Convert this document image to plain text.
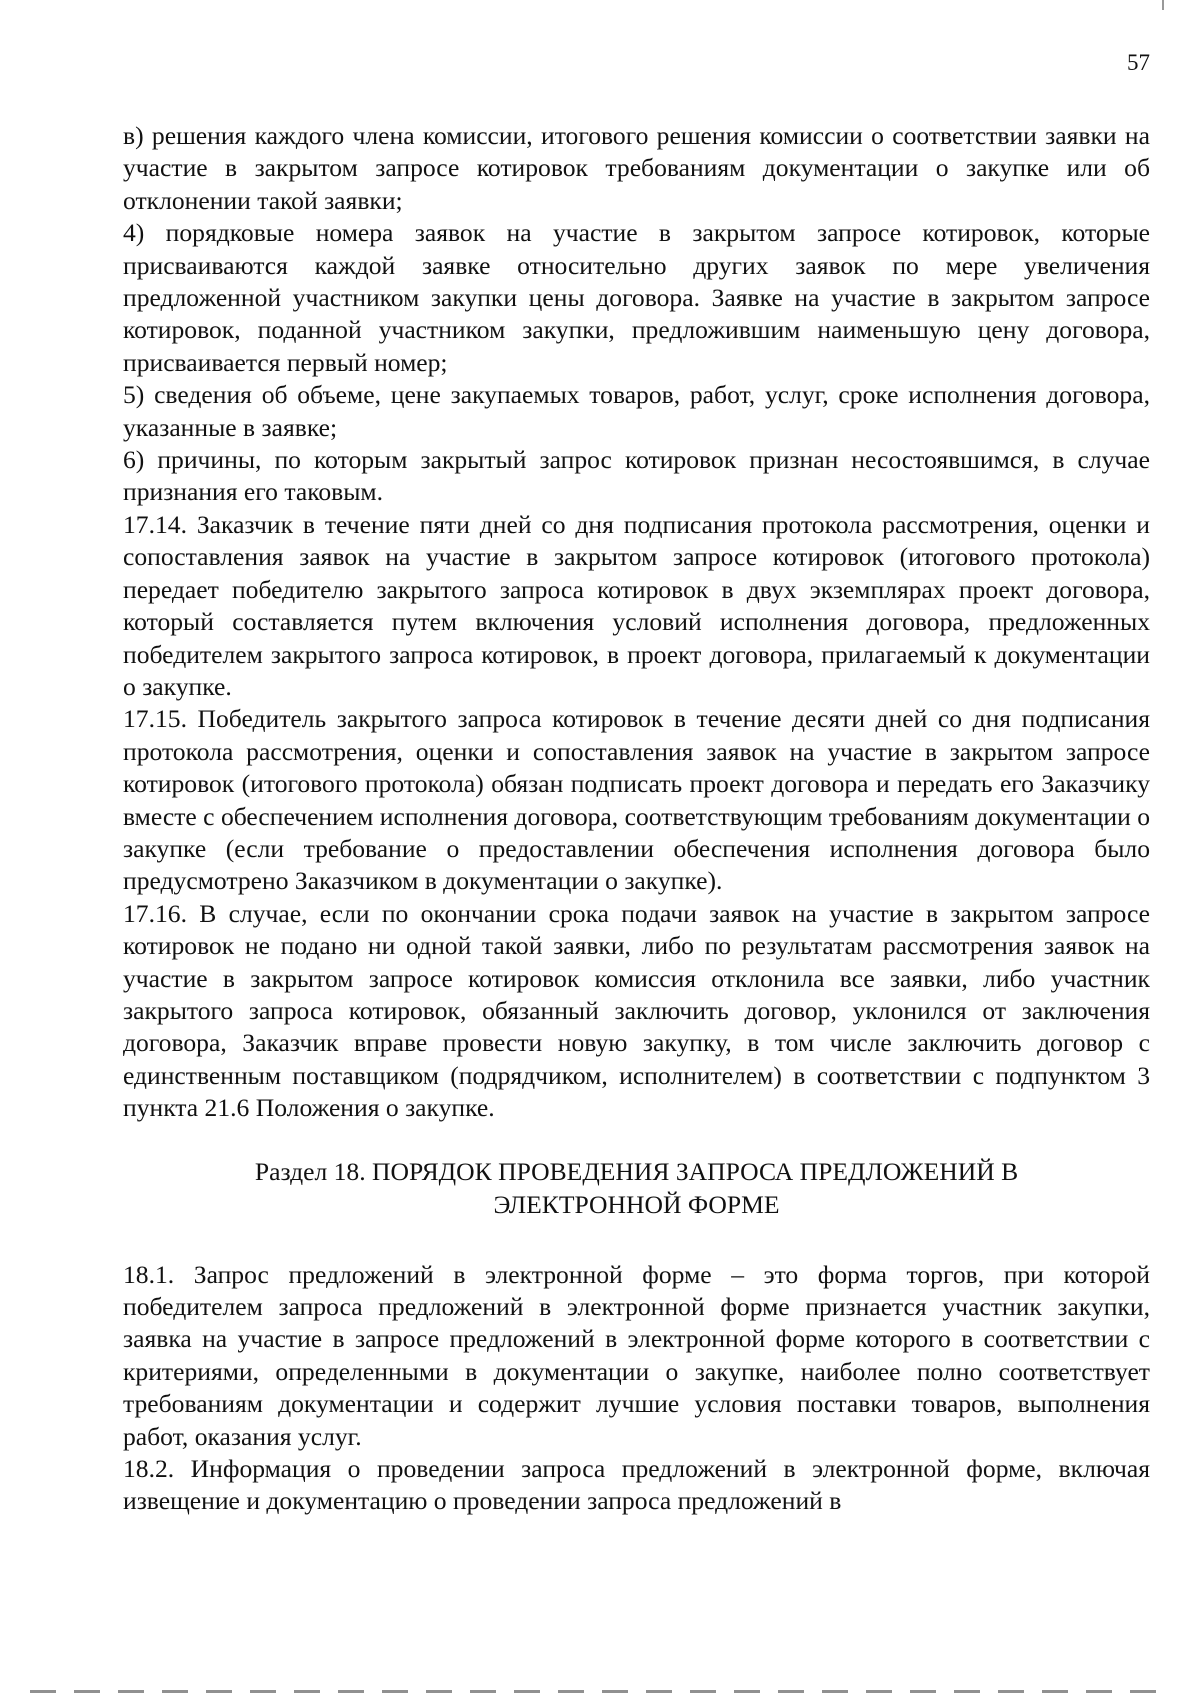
57

в) решения каждого члена комиссии, итогового решения комиссии о соответствии заявки на участие в закрытом запросе котировок требованиям документации о закупке или об отклонении такой заявки;

4) порядковые номера заявок на участие в закрытом запросе котировок, которые присваиваются каждой заявке относительно других заявок по мере увеличения предложенной участником закупки цены договора. Заявке на участие в закрытом запросе котировок, поданной участником закупки, предложившим наименьшую цену договора, присваивается первый номер;

5) сведения об объеме, цене закупаемых товаров, работ, услуг, сроке исполнения договора, указанные в заявке;

6) причины, по которым закрытый запрос котировок признан несостоявшимся, в случае признания его таковым.

17.14. Заказчик в течение пяти дней со дня подписания протокола рассмотрения, оценки и сопоставления заявок на участие в закрытом запросе котировок (итогового протокола) передает победителю закрытого запроса котировок в двух экземплярах проект договора, который составляется путем включения условий исполнения договора, предложенных победителем закрытого запроса котировок, в проект договора, прилагаемый к документации о закупке.

17.15. Победитель закрытого запроса котировок в течение десяти дней со дня подписания протокола рассмотрения, оценки и сопоставления заявок на участие в закрытом запросе котировок (итогового протокола) обязан подписать проект договора и передать его Заказчику вместе с обеспечением исполнения договора, соответствующим требованиям документации о закупке (если требование о предоставлении обеспечения исполнения договора было предусмотрено Заказчиком в документации о закупке).

17.16. В случае, если по окончании срока подачи заявок на участие в закрытом запросе котировок не подано ни одной такой заявки, либо по результатам рассмотрения заявок на участие в закрытом запросе котировок комиссия отклонила все заявки, либо участник закрытого запроса котировок, обязанный заключить договор, уклонился от заключения договора, Заказчик вправе провести новую закупку, в том числе заключить договор с единственным поставщиком (подрядчиком, исполнителем) в соответствии с подпунктом 3 пункта 21.6 Положения о закупке.

Раздел 18. ПОРЯДОК ПРОВЕДЕНИЯ ЗАПРОСА ПРЕДЛОЖЕНИЙ В
ЭЛЕКТРОННОЙ ФОРМЕ

18.1. Запрос предложений в электронной форме – это форма торгов, при которой победителем запроса предложений в электронной форме признается участник закупки, заявка на участие в запросе предложений в электронной форме которого в соответствии с критериями, определенными в документации о закупке, наиболее полно соответствует требованиям документации и содержит лучшие условия поставки товаров, выполнения работ, оказания услуг.

18.2. Информация о проведении запроса предложений в электронной форме, включая извещение и документацию о проведении запроса предложений в
